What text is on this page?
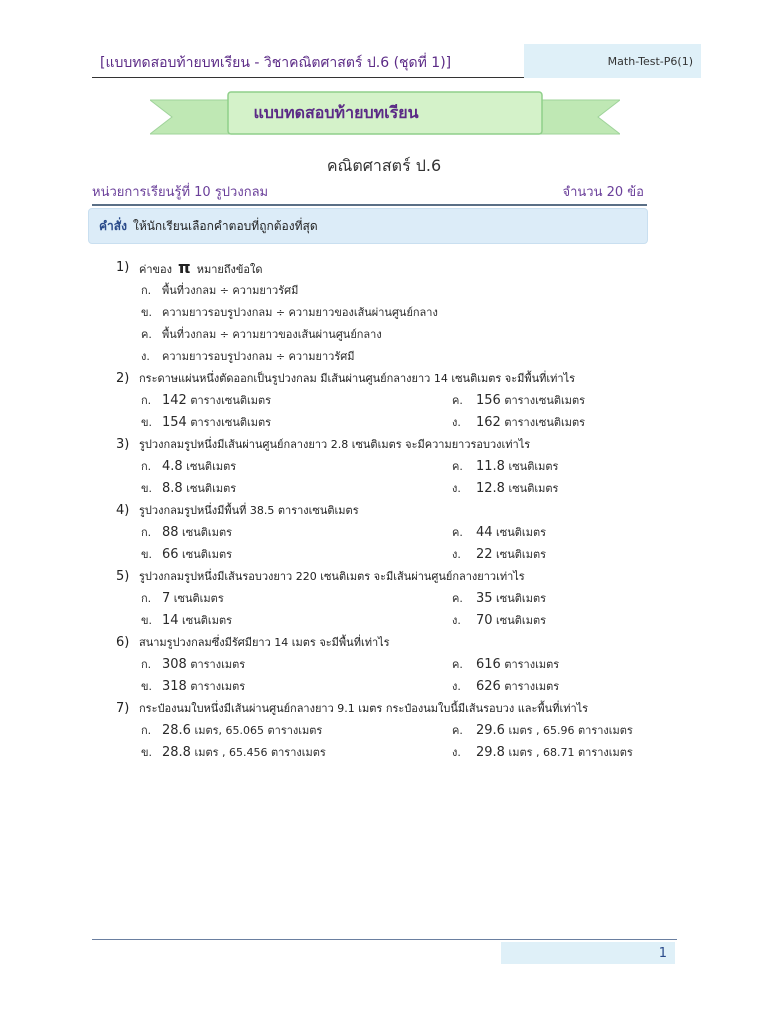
[แบบทดสอบท้ายบทเรียน - วิชาคณิตศาสตร์ ป.6 (ชุดที่ 1)]	Math-Test-P6(1)
แบบทดสอบท้ายบทเรียน
คณิตศาสตร์ ป.6
หน่วยการเรียนรู้ที่ 10 รูปวงกลม	จำนวน 20 ข้อ
คำสั่ง ให้นักเรียนเลือกคำตอบที่ถูกต้องที่สุด
1) ค่าของ π หมายถึงข้อใด
ก. พื้นที่วงกลม ÷ ความยาวรัศมี
ข. ความยาวรอบรูปวงกลม ÷ ความยาวของเส้นผ่านศูนย์กลาง
ค. พื้นที่วงกลม ÷ ความยาวของเส้นผ่านศูนย์กลาง
ง.	ความยาวรอบรูปวงกลม ÷ ความยาวรัศมี
2) กระดาษแผ่นหนึ่งตัดออกเป็นรูปวงกลม มีเส้นผ่านศูนย์กลางยาว 14 เซนติเมตร จะมีพื้นที่เท่าไร
ก. 142 ตารางเซนติเมตร	ค.	156 ตารางเซนติเมตร
ข. 154 ตารางเซนติเมตร	ง.	162 ตารางเซนติเมตร
3) รูปวงกลมรูปหนึ่งมีเส้นผ่านศูนย์กลางยาว 2.8 เซนติเมตร จะมีความยาวรอบวงเท่าไร
ก. 4.8 เซนติเมตร	ค.	11.8 เซนติเมตร
ข. 8.8 เซนติเมตร	ง.	12.8 เซนติเมตร
4) รูปวงกลมรูปหนึ่งมีพื้นที่ 38.5 ตารางเซนติเมตร
ก. 88 เซนติเมตร	ค.	44 เซนติเมตร
ข. 66 เซนติเมตร	ง.	22 เซนติเมตร
5) รูปวงกลมรูปหนึ่งมีเส้นรอบวงยาว 220 เซนติเมตร จะมีเส้นผ่านศูนย์กลางยาวเท่าไร
ก. 7 เซนติเมตร	ค.	35 เซนติเมตร
ข. 14 เซนติเมตร	ง.	70 เซนติเมตร
6) สนามรูปวงกลมซึ่งมีรัศมียาว 14 เมตร จะมีพื้นที่เท่าไร
ก. 308 ตารางเมตร	ค.	616 ตารางเมตร
ข. 318 ตารางเมตร	ง.	626 ตารางเมตร
7) กระป๋องนมใบหนึ่งมีเส้นผ่านศูนย์กลางยาว 9.1 เมตร กระป๋องนมใบนี้มีเส้นรอบวง และพื้นที่เท่าไร
ก. 28.6 เมตร, 65.065 ตารางเมตร	ค.	29.6 เมตร , 65.96 ตารางเมตร
ข. 28.8 เมตร , 65.456 ตารางเมตร	ง.	29.8 เมตร , 68.71 ตารางเมตร
1
